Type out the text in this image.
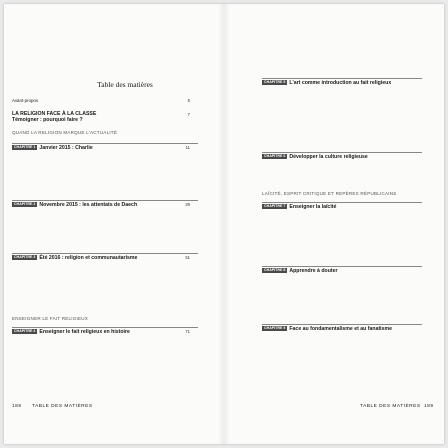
Table des matières
Avant-propos	5
LA RELIGION FACE À LA CLASSE	7
Témoigner : pourquoi faire ?
QUAND LA RELIGION MARQUE L'ACTUALITÉ
CHAPITRE 1 Janvier 2015 : Charlie	11
CHAPITRE 2 Novembre 2015 : les attentats de Daech	29
CHAPITRE 3 Été 2016 : religion et communautarisme	51
ENSEIGNER LE FAIT RELIGIEUX
CHAPITRE 4 Enseigner le fait religieux en histoire	71
188 TABLE DES MATIÈRES
CHAPITRE 5 L'art comme introduction au fait religieux
CHAPITRE 6 Développer la culture religieuse
LAÏCITÉ, ESPRIT CRITIQUE ET REPÈRES RÉPUBLICAINS
CHAPITRE 7 Enseigner la laïcité
CHAPITRE 8 Apprendre à douter
CHAPITRE 9 Face au fondamentalisme et au fanatisme
TABLE DES MATIÈRES 189
